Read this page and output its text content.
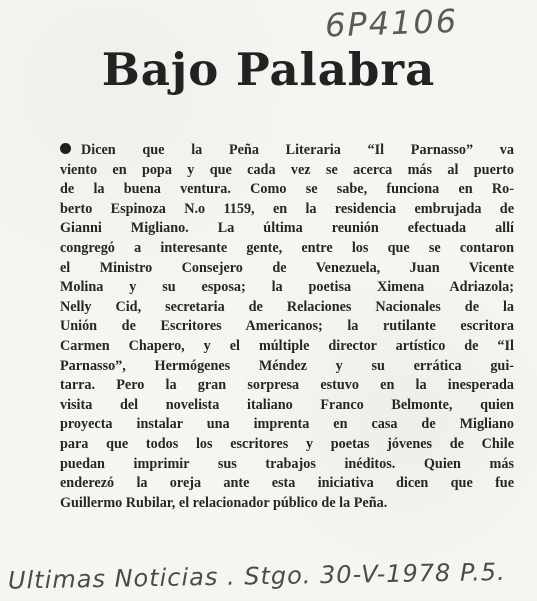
6P4106
Bajo Palabra
Dicen que la Peña Literaria “Il Parnasso” va
viento en popa y que cada vez se acerca más al puerto
de la buena ventura. Como se sabe, funciona en Ro-
berto Espinoza N.o 1159, en la residencia embrujada de
Gianni Migliano. La última reunión efectuada allí
congregó a interesante gente, entre los que se contaron
el Ministro Consejero de Venezuela, Juan Vicente
Molina y su esposa; la poetisa Ximena Adriazola;
Nelly Cid, secretaria de Relaciones Nacionales de la
Unión de Escritores Americanos; la rutilante escritora
Carmen Chapero, y el múltiple director artístico de “Il
Parnasso”, Hermógenes Méndez y su errática gui-
tarra. Pero la gran sorpresa estuvo en la inesperada
visita del novelista italiano Franco Belmonte, quien
proyecta instalar una imprenta en casa de Migliano
para que todos los escritores y poetas jóvenes de Chile
puedan imprimir sus trabajos inéditos. Quien más
enderezó la oreja ante esta iniciativa dicen que fue
Guillermo Rubilar, el relacionador público de la Peña.
Ultimas Noticias . Stgo. 30-V-1978 P.5.
